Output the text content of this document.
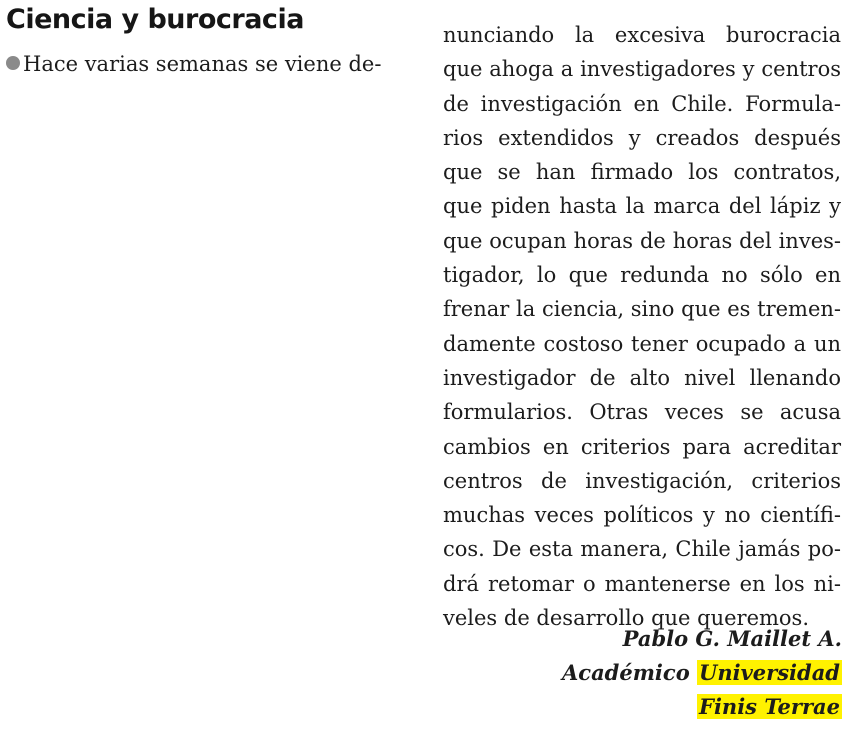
Ciencia y burocracia
Hace varias semanas se viene de-
nunciando la excesiva burocracia
que ahoga a investigadores y centros
de investigación en Chile. Formula-
rios extendidos y creados después
que se han firmado los contratos,
que piden hasta la marca del lápiz y
que ocupan horas de horas del inves-
tigador, lo que redunda no sólo en
frenar la ciencia, sino que es tremen-
damente costoso tener ocupado a un
investigador de alto nivel llenando
formularios. Otras veces se acusa
cambios en criterios para acreditar
centros de investigación, criterios
muchas veces políticos y no científi-
cos. De esta manera, Chile jamás po-
drá retomar o mantenerse en los ni-
veles de desarrollo que queremos.
Pablo G. Maillet A.
Académico Universidad
Finis Terrae
